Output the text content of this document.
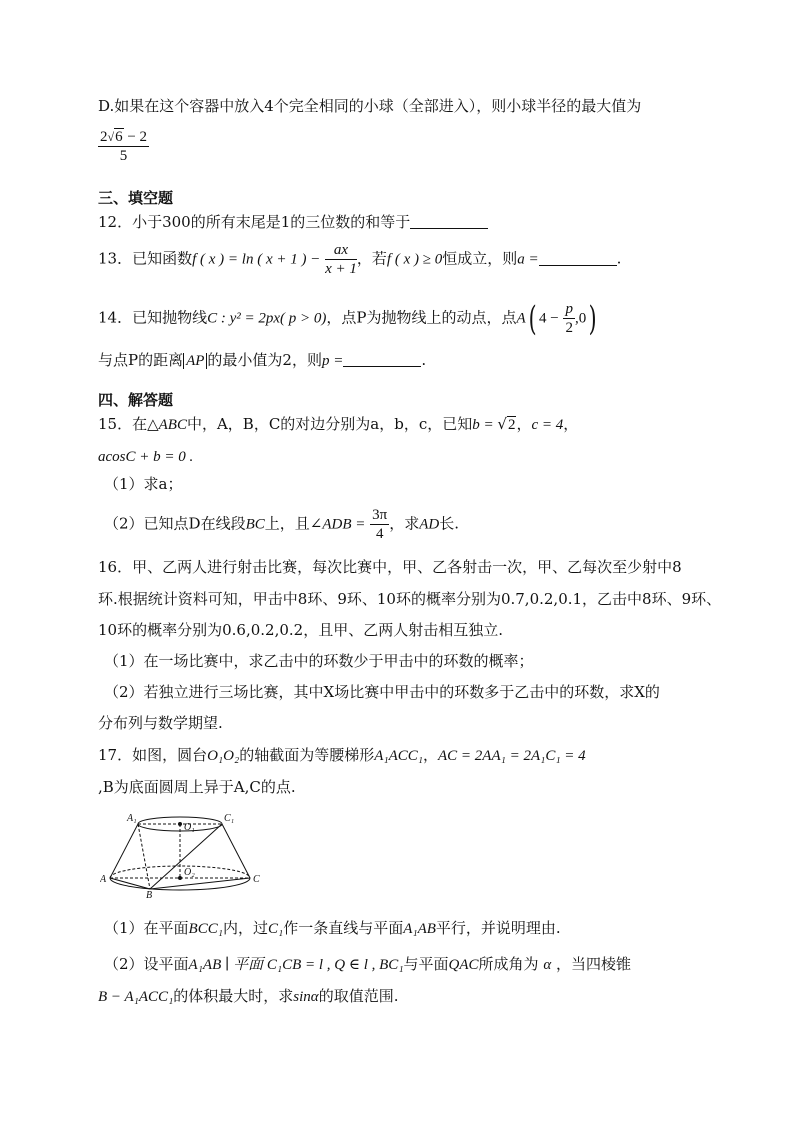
D.如果在这个容器中放入4个完全相同的小球（全部进入），则小球半径的最大值为
$\frac{2√6 - 2}{5}$
三、填空题
12．小于300的所有末尾是1的三位数的和等于
13．已知函数f ( x ) = ln ( x + 1 ) − $\frac{ax}{x + 1}$ ，若f ( x ) ≥ 0恒成立，则a =	.
14．已知抛物线C : y² = 2px( p > 0)，点P为抛物线上的动点，点A( $4 - \frac{p}{2} ,0$)
与点P的距离 AP 的最小值为2，则p =	.
四、解答题
15．在△ABC中，A，B，C的对边分别为a，b，c，已知b = √2，c = 4，
acosC + b = 0 .
（1）求a；
（2）已知点D在线段BC上，且∠ADB = $\frac{3\pi}{4}$ ，求AD长.
16．甲、乙两人进行射击比赛，每次比赛中，甲、乙各射击一次，甲、乙每次至少射中8
环.根据统计资料可知，甲击中8环、9环、10环的概率分别为0.7,0.2,0.1，乙击中8环、9环、
10环的概率分别为0.6,0.2,0.2，且甲、乙两人射击相互独立.
（1）在一场比赛中，求乙击中的环数少于甲击中的环数的概率；
（2）若独立进行三场比赛，其中X场比赛中甲击中的环数多于乙击中的环数，求X的
分布列与数学期望.
17．如图，圆台O₁O₂的轴截面为等腰梯形A₁ACC₁，AC = 2AA₁ = 2A₁C₁ = 4
,B为底面圆周上异于A,C的点.
A₁	C₁
O₁
O₂
A
B
C
（1）在平面BCC₁内，过C₁作一条直线与平面A₁AB平行，并说明理由.
（2）设平面A₁AB ∣ 平面 C₁CB = l , Q ∈ l , BC₁与平面QAC所成角为 α ，当四棱锥
B − A₁ACC₁的体积最大时，求sinα的取值范围.
